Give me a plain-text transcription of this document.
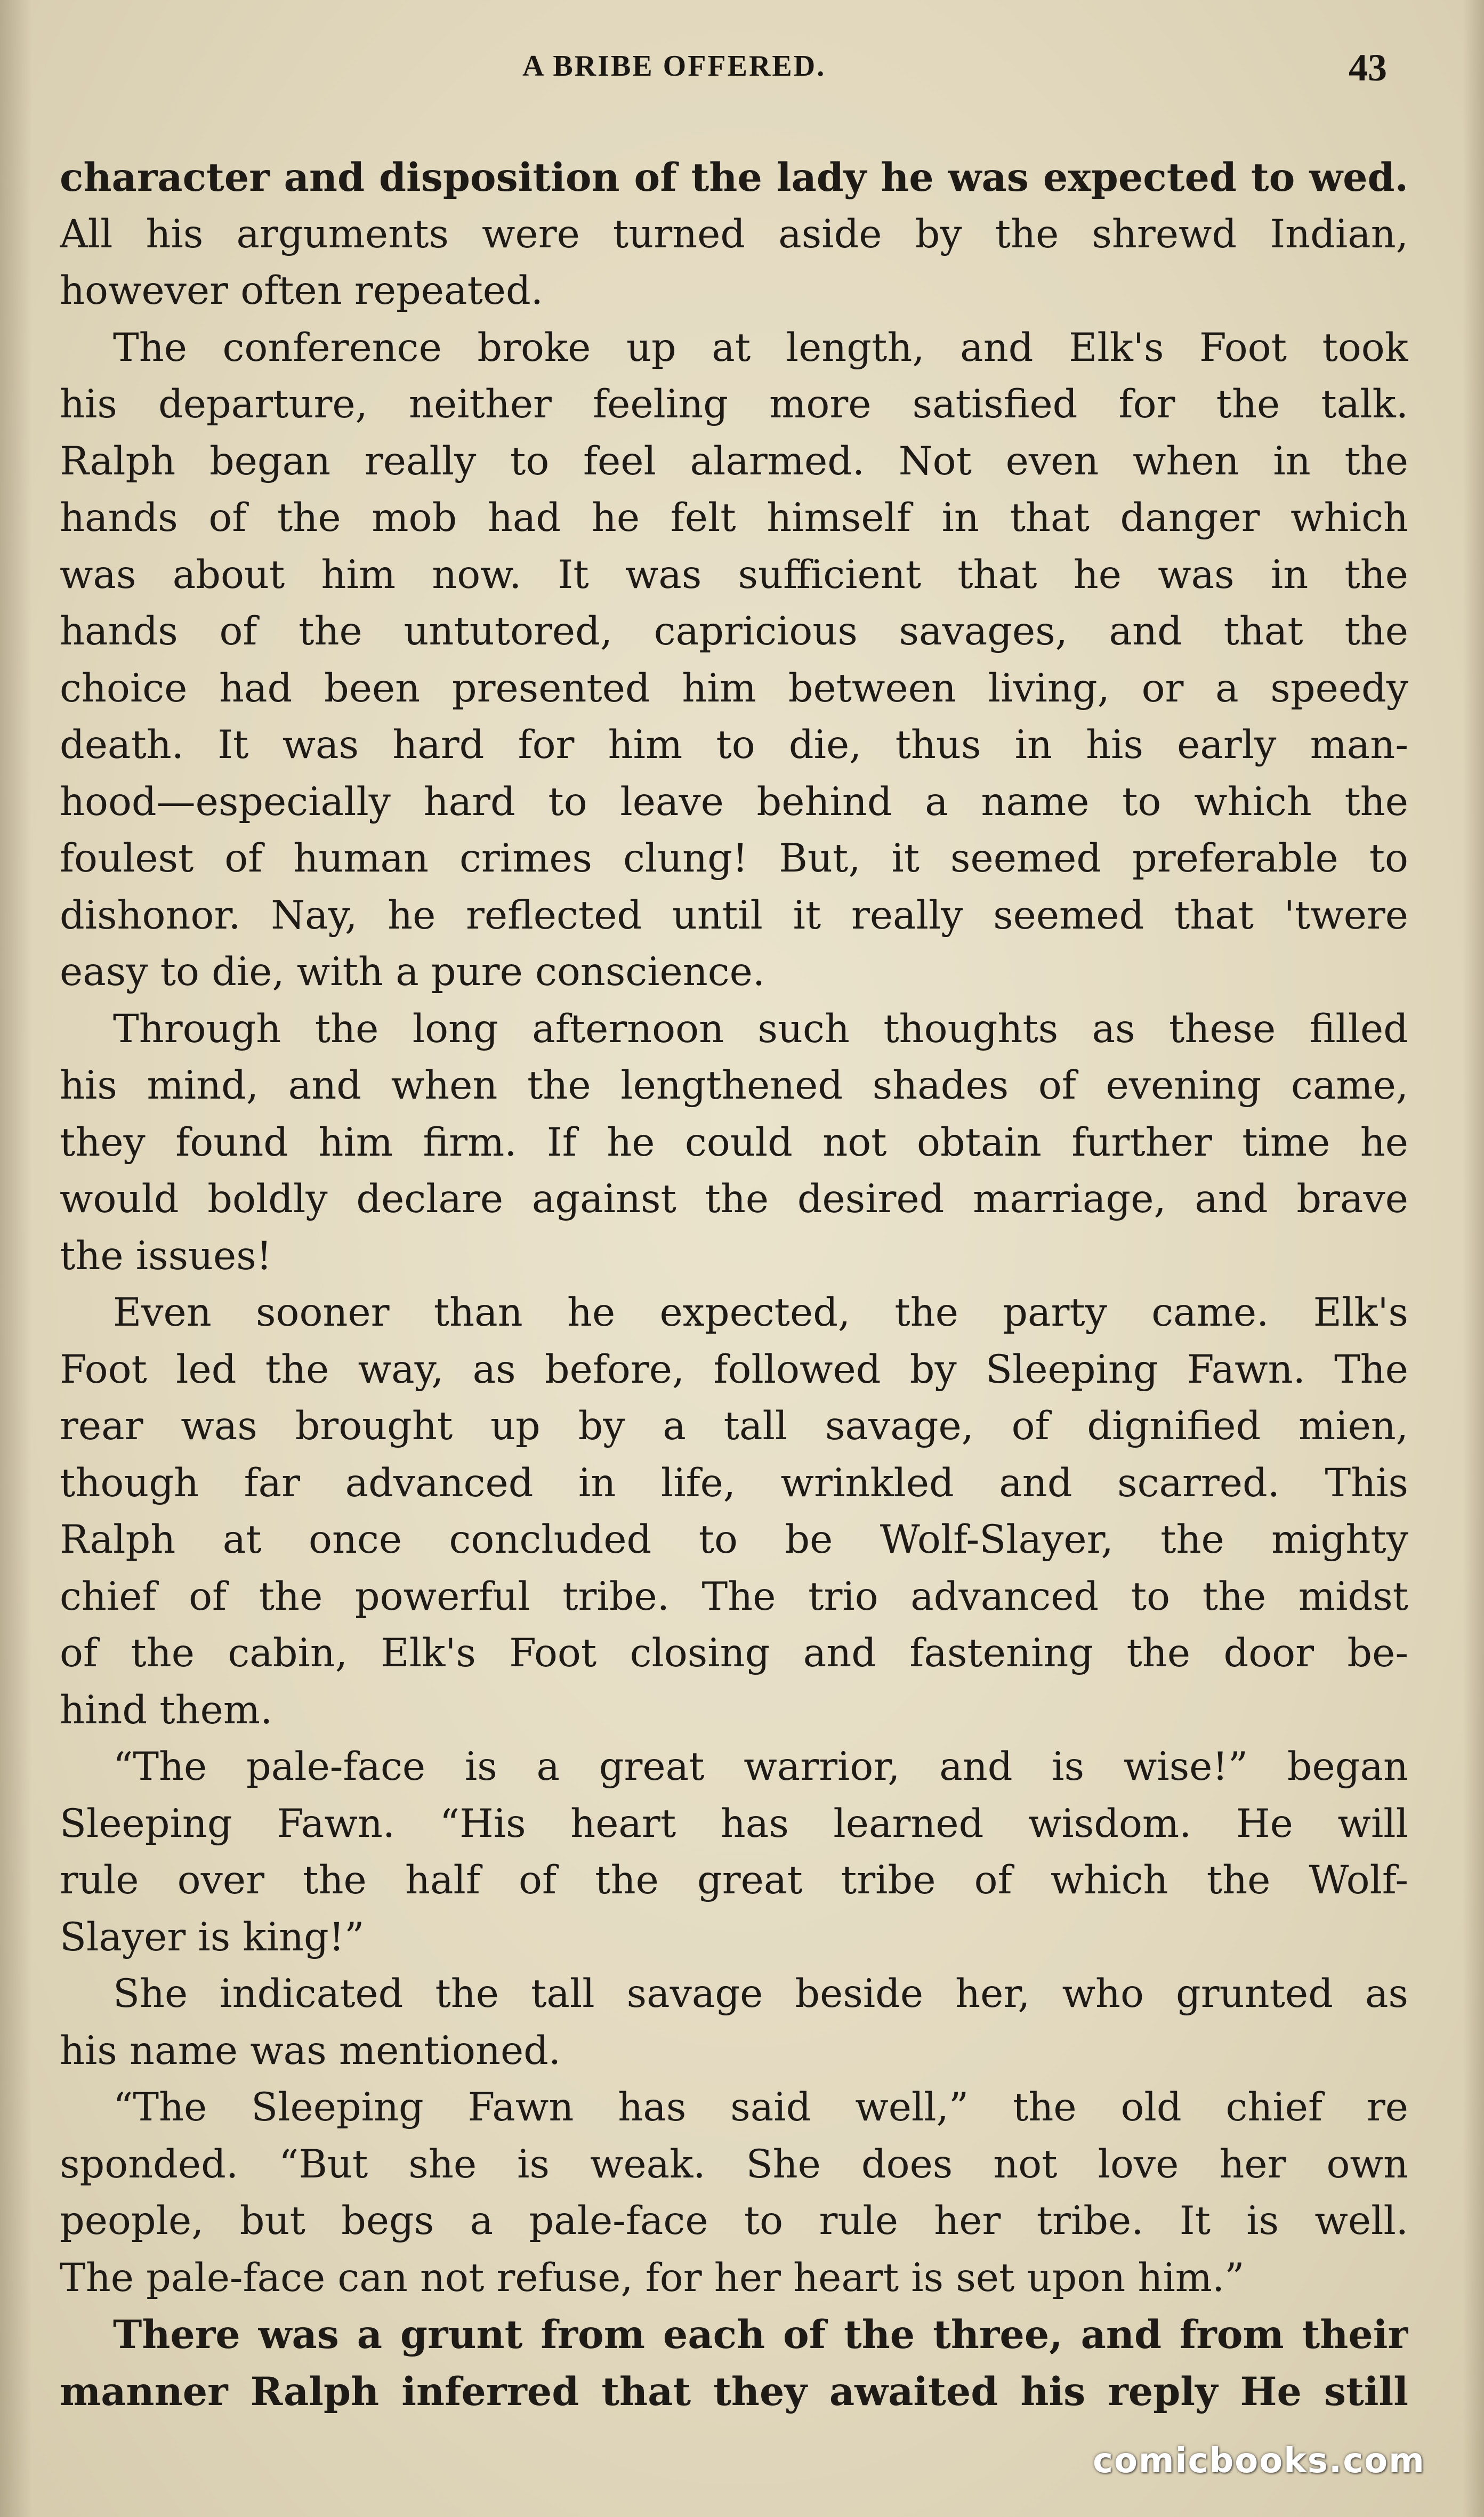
A BRIBE OFFERED.	43
character and disposition of the lady he was expected to wed.
All his arguments were turned aside by the shrewd Indian,
however often repeated.
The conference broke up at length, and Elk's Foot took
his departure, neither feeling more satisfied for the talk.
Ralph began really to feel alarmed. Not even when in the
hands of the mob had he felt himself in that danger which
was about him now. It was sufficient that he was in the
hands of the untutored, capricious savages, and that the
choice had been presented him between living, or a speedy
death. It was hard for him to die, thus in his early man-
hood—especially hard to leave behind a name to which the
foulest of human crimes clung! But, it seemed preferable to
dishonor. Nay, he reflected until it really seemed that 'twere
easy to die, with a pure conscience.
Through the long afternoon such thoughts as these filled
his mind, and when the lengthened shades of evening came,
they found him firm. If he could not obtain further time he
would boldly declare against the desired marriage, and brave
the issues!
Even sooner than he expected, the party came. Elk's
Foot led the way, as before, followed by Sleeping Fawn. The
rear was brought up by a tall savage, of dignified mien,
though far advanced in life, wrinkled and scarred. This
Ralph at once concluded to be Wolf-Slayer, the mighty
chief of the powerful tribe. The trio advanced to the midst
of the cabin, Elk's Foot closing and fastening the door be-
hind them.
“The pale-face is a great warrior, and is wise!” began
Sleeping Fawn. “His heart has learned wisdom. He will
rule over the half of the great tribe of which the Wolf-
Slayer is king!”
She indicated the tall savage beside her, who grunted as
his name was mentioned.
“The Sleeping Fawn has said well,” the old chief re
sponded. “But she is weak. She does not love her own
people, but begs a pale-face to rule her tribe. It is well.
The pale-face can not refuse, for her heart is set upon him.”
There was a grunt from each of the three, and from their
manner Ralph inferred that they awaited his reply He still
comicbooks.com
